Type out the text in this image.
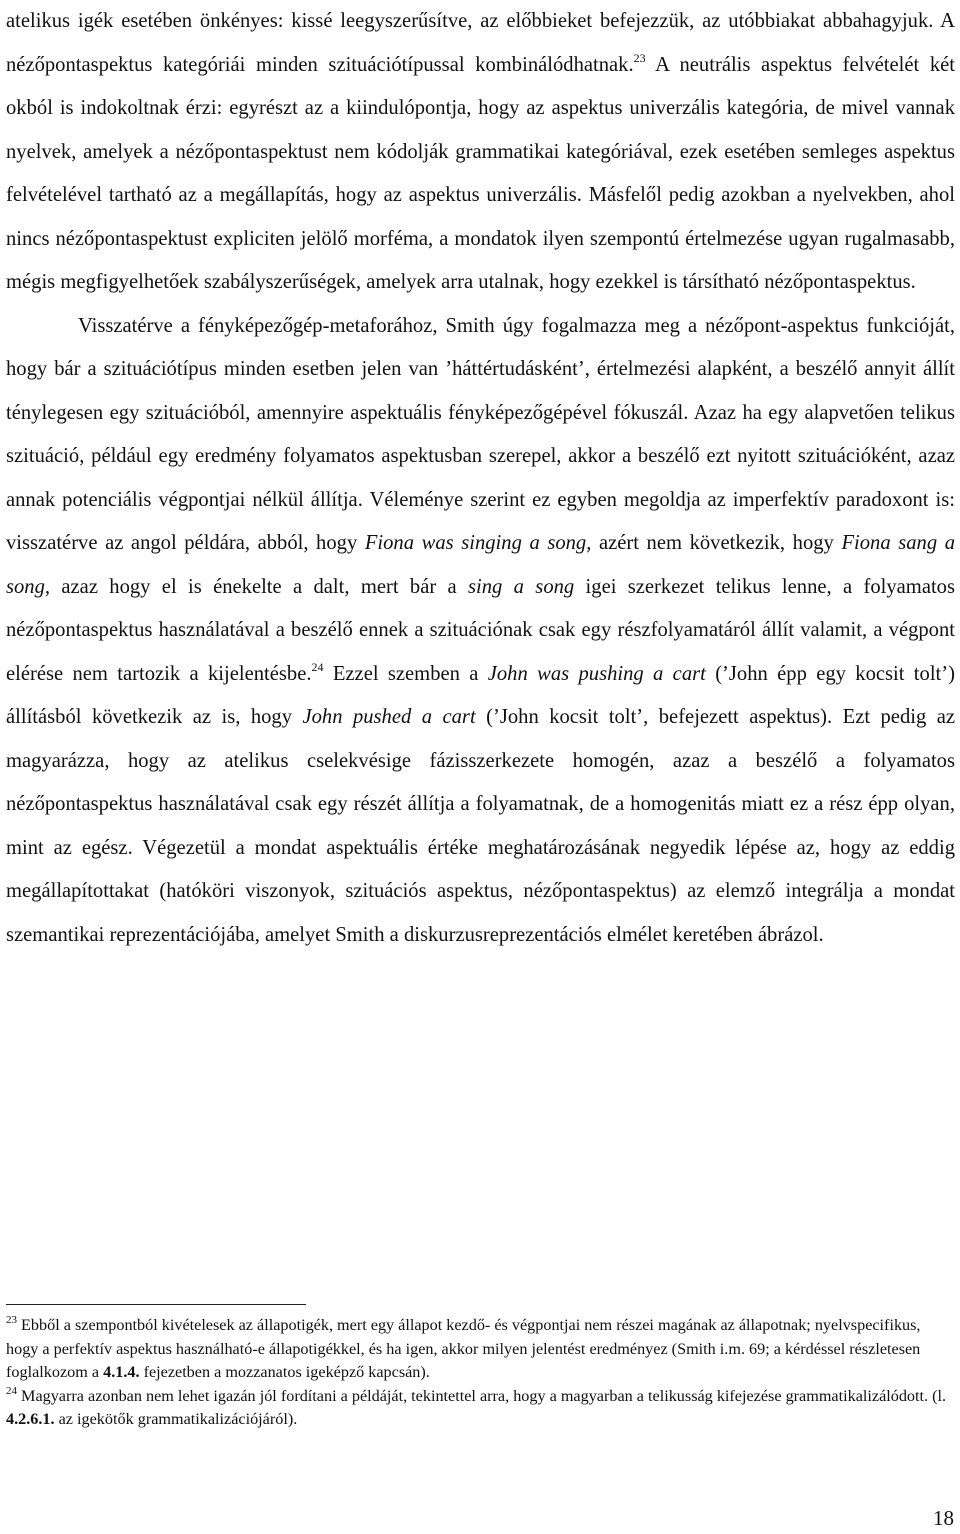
atelikus igék esetében önkényes: kissé leegyszerűsítve, az előbbieket befejezzük, az utóbbiakat abbahagyjuk. A nézőpontaspektus kategóriái minden szituációtípussal kombinálódhatnak.$^{23}$ A neutrális aspektus felvételét két okból is indokoltnak érzi: egyrészt az a kiindulópontja, hogy az aspektus univerzális kategória, de mivel vannak nyelvek, amelyek a nézőpontaspektust nem kódolják grammatikai kategóriával, ezek esetében semleges aspektus felvételével tartható az a megállapítás, hogy az aspektus univerzális. Másfelől pedig azokban a nyelvekben, ahol nincs nézőpontaspektust expliciten jelölő morféma, a mondatok ilyen szempontú értelmezése ugyan rugalmasabb, mégis megfigyelhetőek szabályszerűségek, amelyek arra utalnak, hogy ezekkel is társítható nézőpontaspektus.

Visszatérve a fényképezőgép-metaforához, Smith úgy fogalmazza meg a nézőpont-aspektus funkcióját, hogy bár a szituációtípus minden esetben jelen van ’háttértudásként’, értelmezési alapként, a beszélő annyit állít ténylegesen egy szituációból, amennyire aspektuális fényképezőgépével fókuszál. Azaz ha egy alapvetően telikus szituáció, például egy eredmény folyamatos aspektusban szerepel, akkor a beszélő ezt nyitott szituációként, azaz annak potenciális végpontjai nélkül állítja. Véleménye szerint ez egyben megoldja az imperfektív paradoxont is: visszatérve az angol példára, abból, hogy Fiona was singing a song, azért nem következik, hogy Fiona sang a song, azaz hogy el is énekelte a dalt, mert bár a sing a song igei szerkezet telikus lenne, a folyamatos nézőpontaspektus használatával a beszélő ennek a szituációnak csak egy részfolyamatáról állít valamit, a végpont elérése nem tartozik a kijelentésbe.$^{24}$ Ezzel szemben a John was pushing a cart (’John épp egy kocsit tolt’) állításból következik az is, hogy John pushed a cart (’John kocsit tolt’, befejezett aspektus). Ezt pedig az magyarázza, hogy az atelikus cselekvésige fázisszerkezete homogén, azaz a beszélő a folyamatos nézőpontaspektus használatával csak egy részét állítja a folyamatnak, de a homogenitás miatt ez a rész épp olyan, mint az egész. Végezetül a mondat aspektuális értéke meghatározásának negyedik lépése az, hogy az eddig megállapítottakat (hatóköri viszonyok, szituációs aspektus, nézőpontaspektus) az elemző integrálja a mondat szemantikai reprezentációjába, amelyet Smith a diskurzusreprezentációs elmélet keretében ábrázol.

$^{23}$ Ebből a szempontból kivételesek az állapotigék, mert egy állapot kezdő- és végpontjai nem részei magának az állapotnak; nyelvspecifikus, hogy a perfektív aspektus használható-e állapotigékkel, és ha igen, akkor milyen jelentést eredményez (Smith i.m. 69; a kérdéssel részletesen foglalkozom a 4.1.4. fejezetben a mozzanatos igeképző kapcsán).

$^{24}$ Magyarra azonban nem lehet igazán jól fordítani a példáját, tekintettel arra, hogy a magyarban a telikusság kifejezése grammatikalizálódott. (l. 4.2.6.1. az igekötők grammatikalizációjáról).

18
